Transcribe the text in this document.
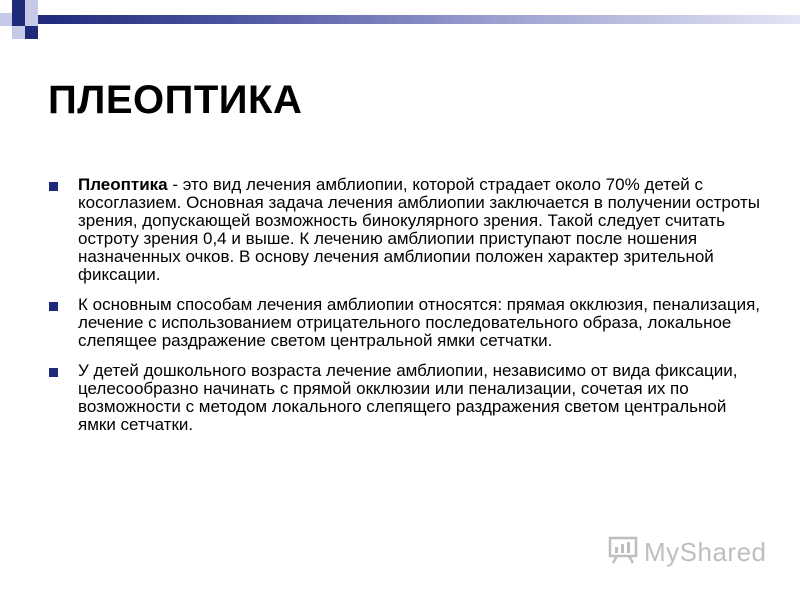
ПЛЕОПТИКА
Плеоптика - это вид лечения амблиопии, которой страдает около 70% детей с косоглазием. Основная задача лечения амблиопии заключается в получении остроты зрения, допускающей возможность бинокулярного зрения. Такой следует считать остроту зрения 0,4 и выше. К лечению амблиопии приступают после ношения назначенных очков. В основу лечения амблиопии положен характер зрительной фиксации.
К основным способам лечения амблиопии относятся: прямая окклюзия, пенализация, лечение с использованием отрицательного последовательного образа, локальное слепящее раздражение светом центральной ямки сетчатки.
У детей дошкольного возраста лечение амблиопии, независимо от вида фиксации, целесообразно начинать с прямой окклюзии или пенализации, сочетая их по возможности с методом локального слепящего раздражения светом центральной ямки сетчатки.
MyShared
